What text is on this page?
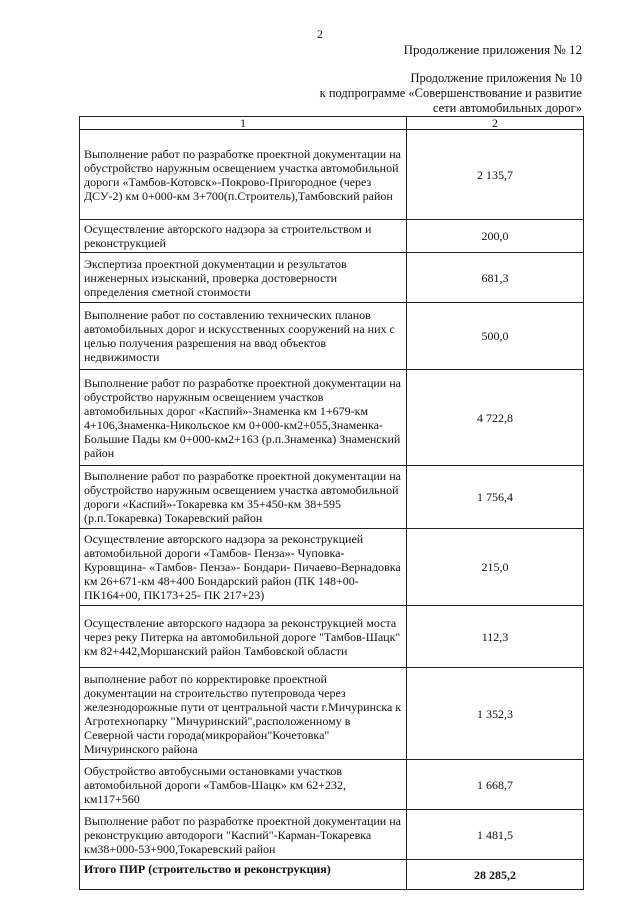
2
Продолжение приложения № 12
Продолжение приложения № 10
к подпрограмме «Совершенствование и развитие
сети автомобильных дорог»
1	2
Выполнение работ по разработке проектной документации на обустройство наружным освещением участка автомобильной дороги «Тамбов-Котовск»-Покрово-Пригородное (через ДСУ-2) км 0+000-км 3+700(п.Строитель),Тамбовский район	2 135,7
Осуществление авторского надзора за строительством и реконструкцией	200,0
Экспертиза проектной документации и результатов инженерных изысканий, проверка достоверности определения сметной стоимости	681,3
Выполнение работ по составлению технических планов автомобильных дорог и искусственных сооружений на них с целью получения разрешения на ввод объектов недвижимости	500,0
Выполнение работ по разработке проектной документации на обустройство наружным освещением участков автомобильных дорог «Каспий»-Знаменка км 1+679-км 4+106,Знаменка-Никольское км 0+000-км2+055,Знаменка-Большие Пады км 0+000-км2+163 (р.п.Знаменка) Знаменский район	4 722,8
Выполнение работ по разработке проектной документации на обустройство наружным освещением участка автомобильной дороги «Каспий»-Токаревка км 35+450-км 38+595 (р.п.Токаревка) Токаревский район	1 756,4
Осуществление авторского надзора за реконструкцией автомобильной дороги «Тамбов- Пенза»- Чуповка-Куровщина- «Тамбов- Пенза»- Бондари- Пичаево-Вернадовка км 26+671-км 48+400 Бондарский район (ПК 148+00- ПК164+00, ПК173+25- ПК 217+23)	215,0
Осуществление авторского надзора за реконструкцией моста через реку Питерка на автомобильной дороге "Тамбов-Шацк" км 82+442,Моршанский район Тамбовской области	112,3
выполнение работ по корректировке проектной документации на строительство путепровода через железнодорожные пути от центральной части г.Мичуринска к Агротехнопарку "Мичуринский",расположенному в Северной части города(микрорайон"Кочетовка" Мичуринского района	1 352,3
Обустройство автобусными остановками участков автомобильной дороги «Тамбов-Шацк» км 62+232, км117+560	1 668,7
Выполнение работ по разработке проектной документации на реконструкцию автодороги "Каспий"-Карман-Токаревка км38+000-53+900,Токаревский район	1 481,5
Итого ПИР (строительство и реконструкция)	28 285,2
